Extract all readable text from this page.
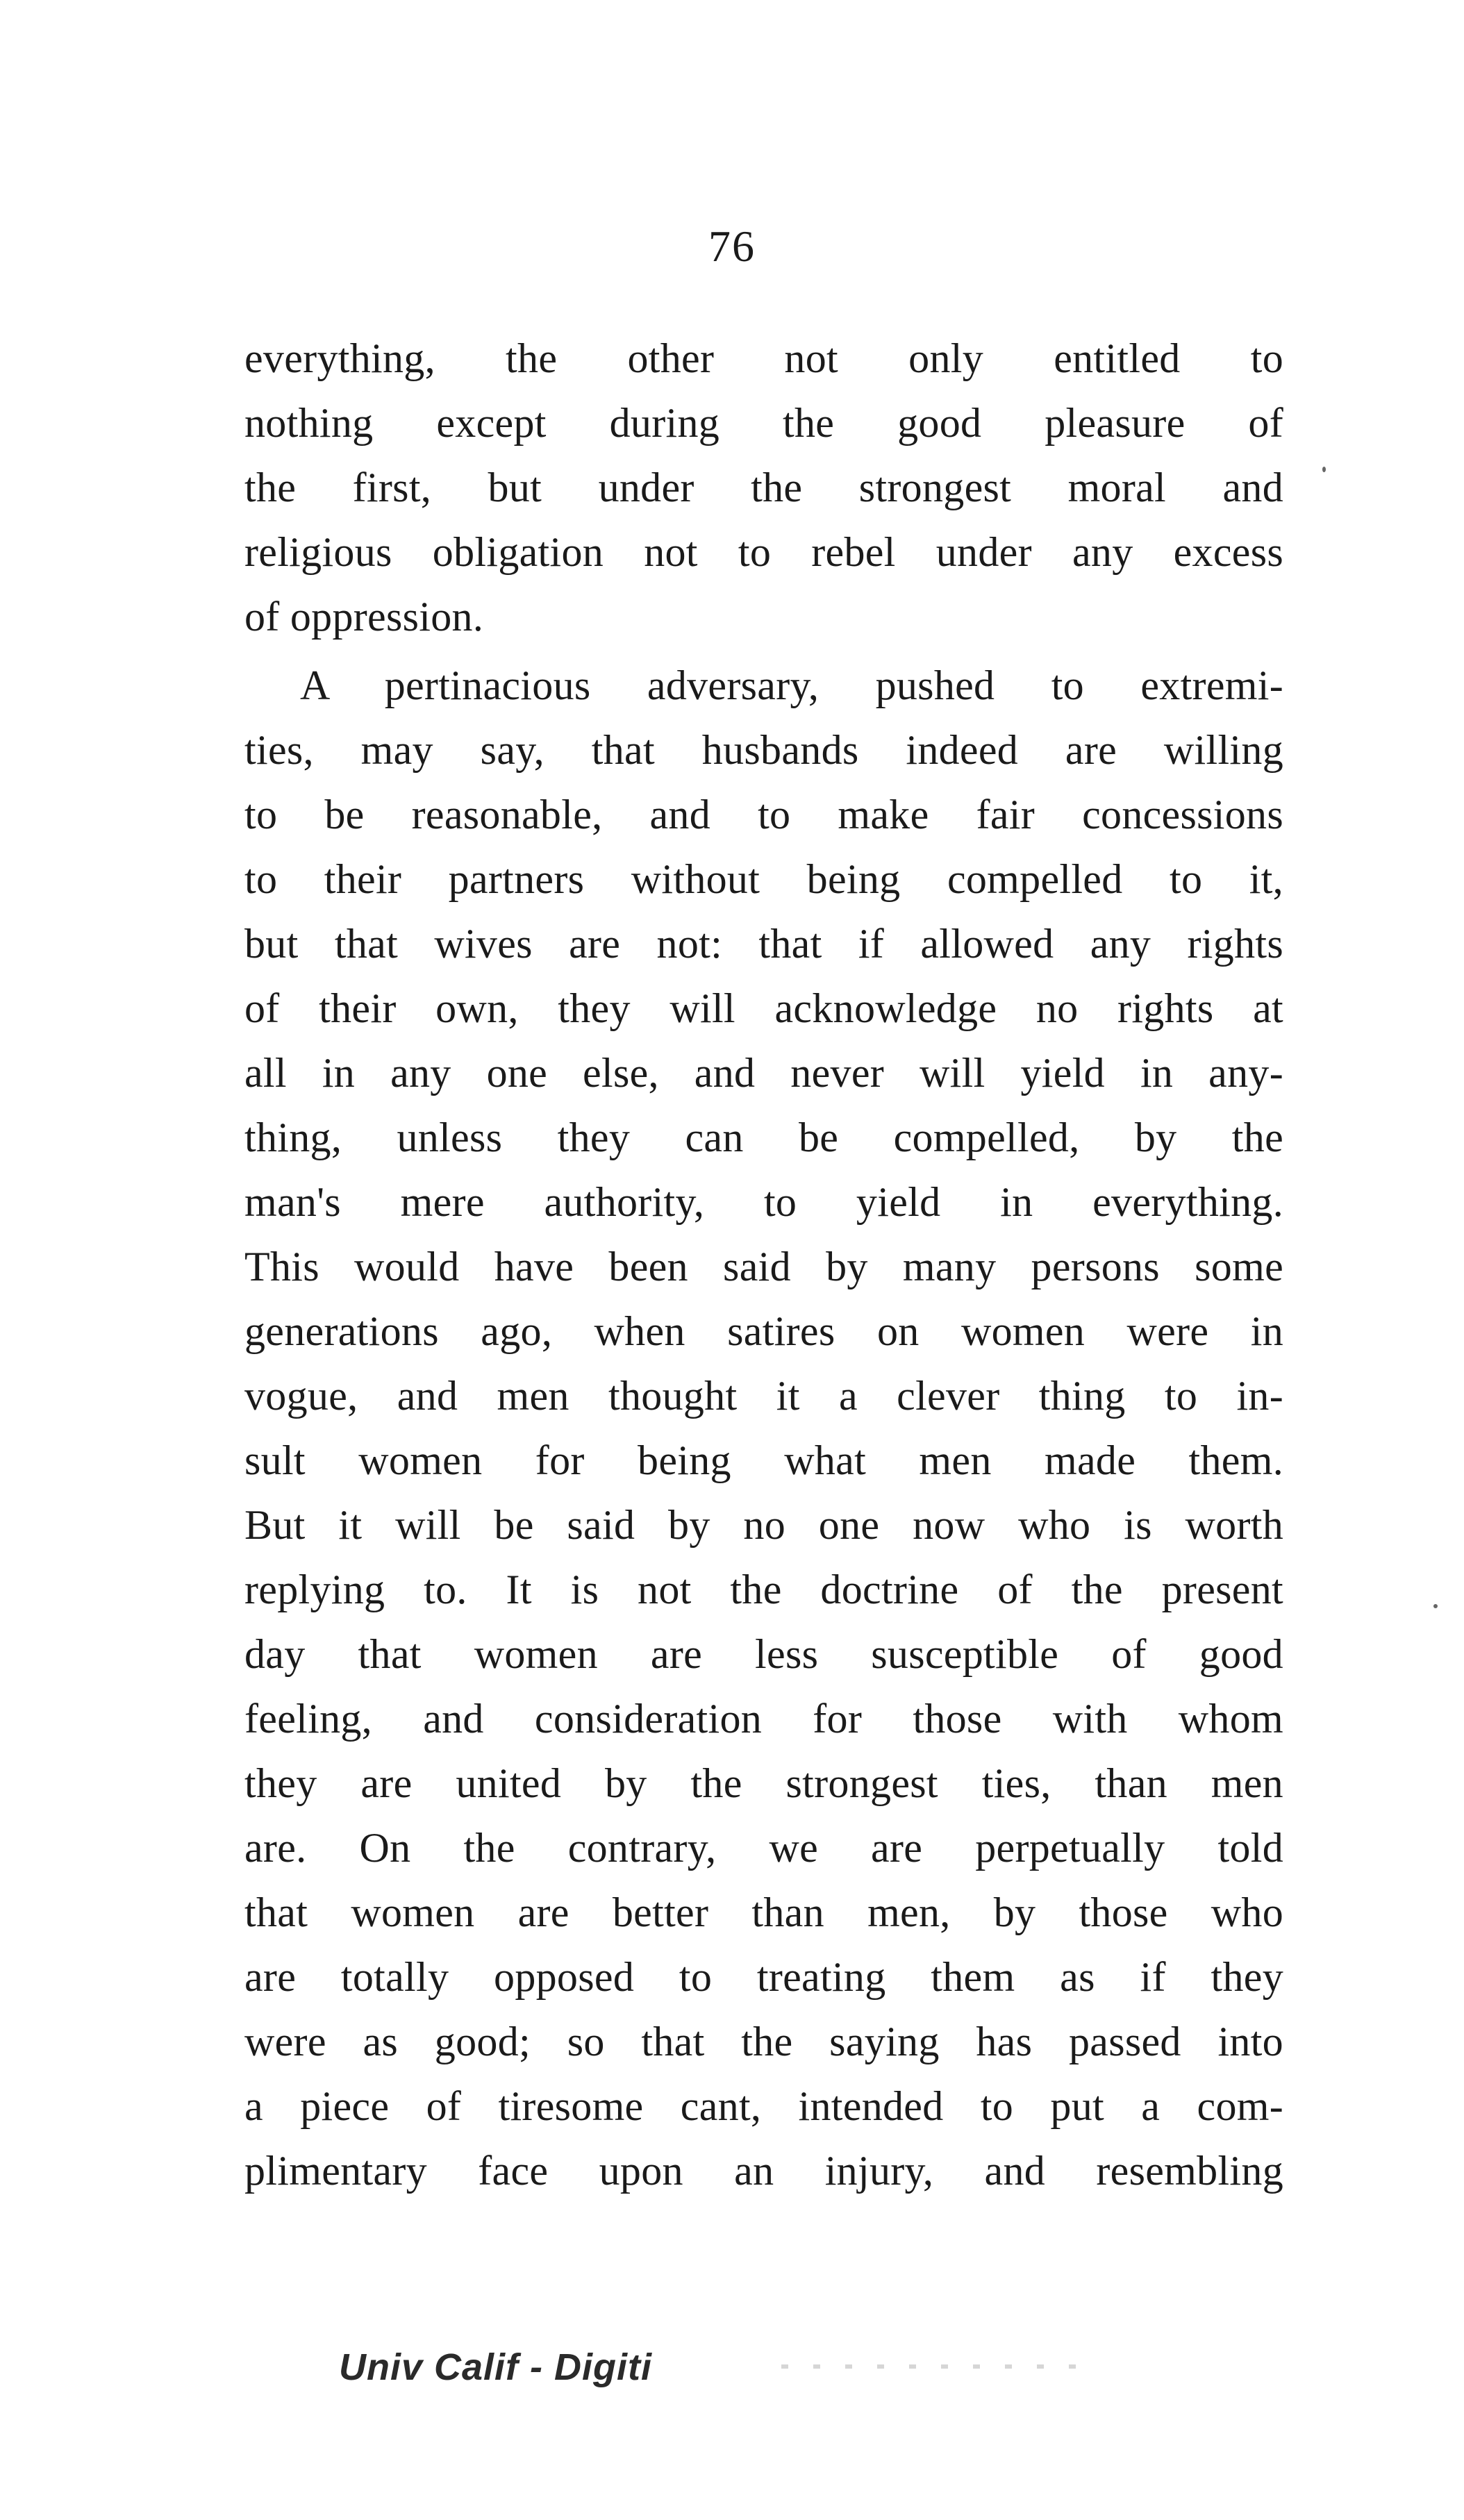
76
everything, the other not only entitled to
nothing except during the good pleasure of
the first, but under the strongest moral and
religious obligation not to rebel under any excess
of oppression.
A pertinacious adversary, pushed to extremi-
ties, may say, that husbands indeed are willing
to be reasonable, and to make fair concessions
to their partners without being compelled to it,
but that wives are not: that if allowed any rights
of their own, they will acknowledge no rights at
all in any one else, and never will yield in any-
thing, unless they can be compelled, by the
man's mere authority, to yield in everything.
This would have been said by many persons some
generations ago, when satires on women were in
vogue, and men thought it a clever thing to in-
sult women for being what men made them.
But it will be said by no one now who is worth
replying to. It is not the doctrine of the present
day that women are less susceptible of good
feeling, and consideration for those with whom
they are united by the strongest ties, than men
are. On the contrary, we are perpetually told
that women are better than men, by those who
are totally opposed to treating them as if they
were as good; so that the saying has passed into
a piece of tiresome cant, intended to put a com-
plimentary face upon an injury, and resembling
Univ Calif - Digiti
